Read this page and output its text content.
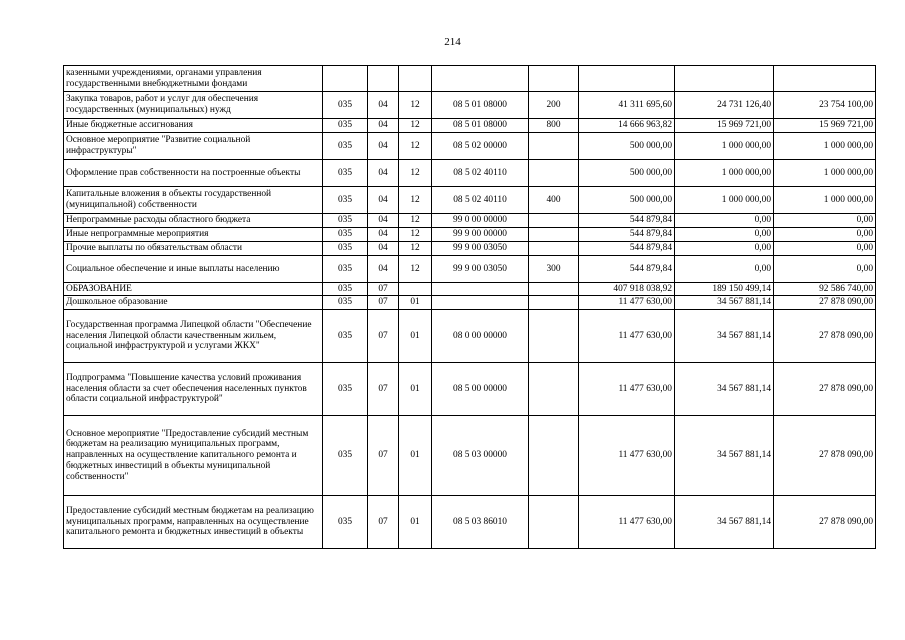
214
казенными учреждениями, органами управления государственными внебюджетными фондами								
Закупка товаров, работ и услуг для обеспечения государственных (муниципальных) нужд	035	04	12	08 5 01 08000	200	41 311 695,60	24 731 126,40	23 754 100,00
Иные бюджетные ассигнования	035	04	12	08 5 01 08000	800	14 666 963,82	15 969 721,00	15 969 721,00
Основное мероприятие "Развитие социальной инфраструктуры"	035	04	12	08 5 02 00000		500 000,00	1 000 000,00	1 000 000,00
Оформление прав собственности на построенные объекты	035	04	12	08 5 02 40110		500 000,00	1 000 000,00	1 000 000,00
Капитальные вложения в объекты государственной (муниципальной) собственности	035	04	12	08 5 02 40110	400	500 000,00	1 000 000,00	1 000 000,00
Непрограммные расходы областного бюджета	035	04	12	99 0 00 00000		544 879,84	0,00	0,00
Иные непрограммные мероприятия	035	04	12	99 9 00 00000		544 879,84	0,00	0,00
Прочие выплаты по обязательствам области	035	04	12	99 9 00 03050		544 879,84	0,00	0,00
Социальное обеспечение и иные выплаты населению	035	04	12	99 9 00 03050	300	544 879,84	0,00	0,00
ОБРАЗОВАНИЕ	035	07				407 918 038,92	189 150 499,14	92 586 740,00
Дошкольное образование	035	07	01			11 477 630,00	34 567 881,14	27 878 090,00
Государственная программа Липецкой области "Обеспечение населения Липецкой области качественным жильем, социальной инфраструктурой и услугами ЖКХ"	035	07	01	08 0 00 00000		11 477 630,00	34 567 881,14	27 878 090,00
Подпрограмма "Повышение качества условий проживания населения области за счет обеспечения населенных пунктов области социальной инфраструктурой"	035	07	01	08 5 00 00000		11 477 630,00	34 567 881,14	27 878 090,00
Основное мероприятие "Предоставление субсидий местным бюджетам на реализацию муниципальных программ, направленных на осуществление капитального ремонта и бюджетных инвестиций в объекты муниципальной собственности"	035	07	01	08 5 03 00000		11 477 630,00	34 567 881,14	27 878 090,00
Предоставление субсидий местным бюджетам на реализацию муниципальных программ, направленных на осуществление капитального ремонта и бюджетных инвестиций в объекты	035	07	01	08 5 03 86010		11 477 630,00	34 567 881,14	27 878 090,00
